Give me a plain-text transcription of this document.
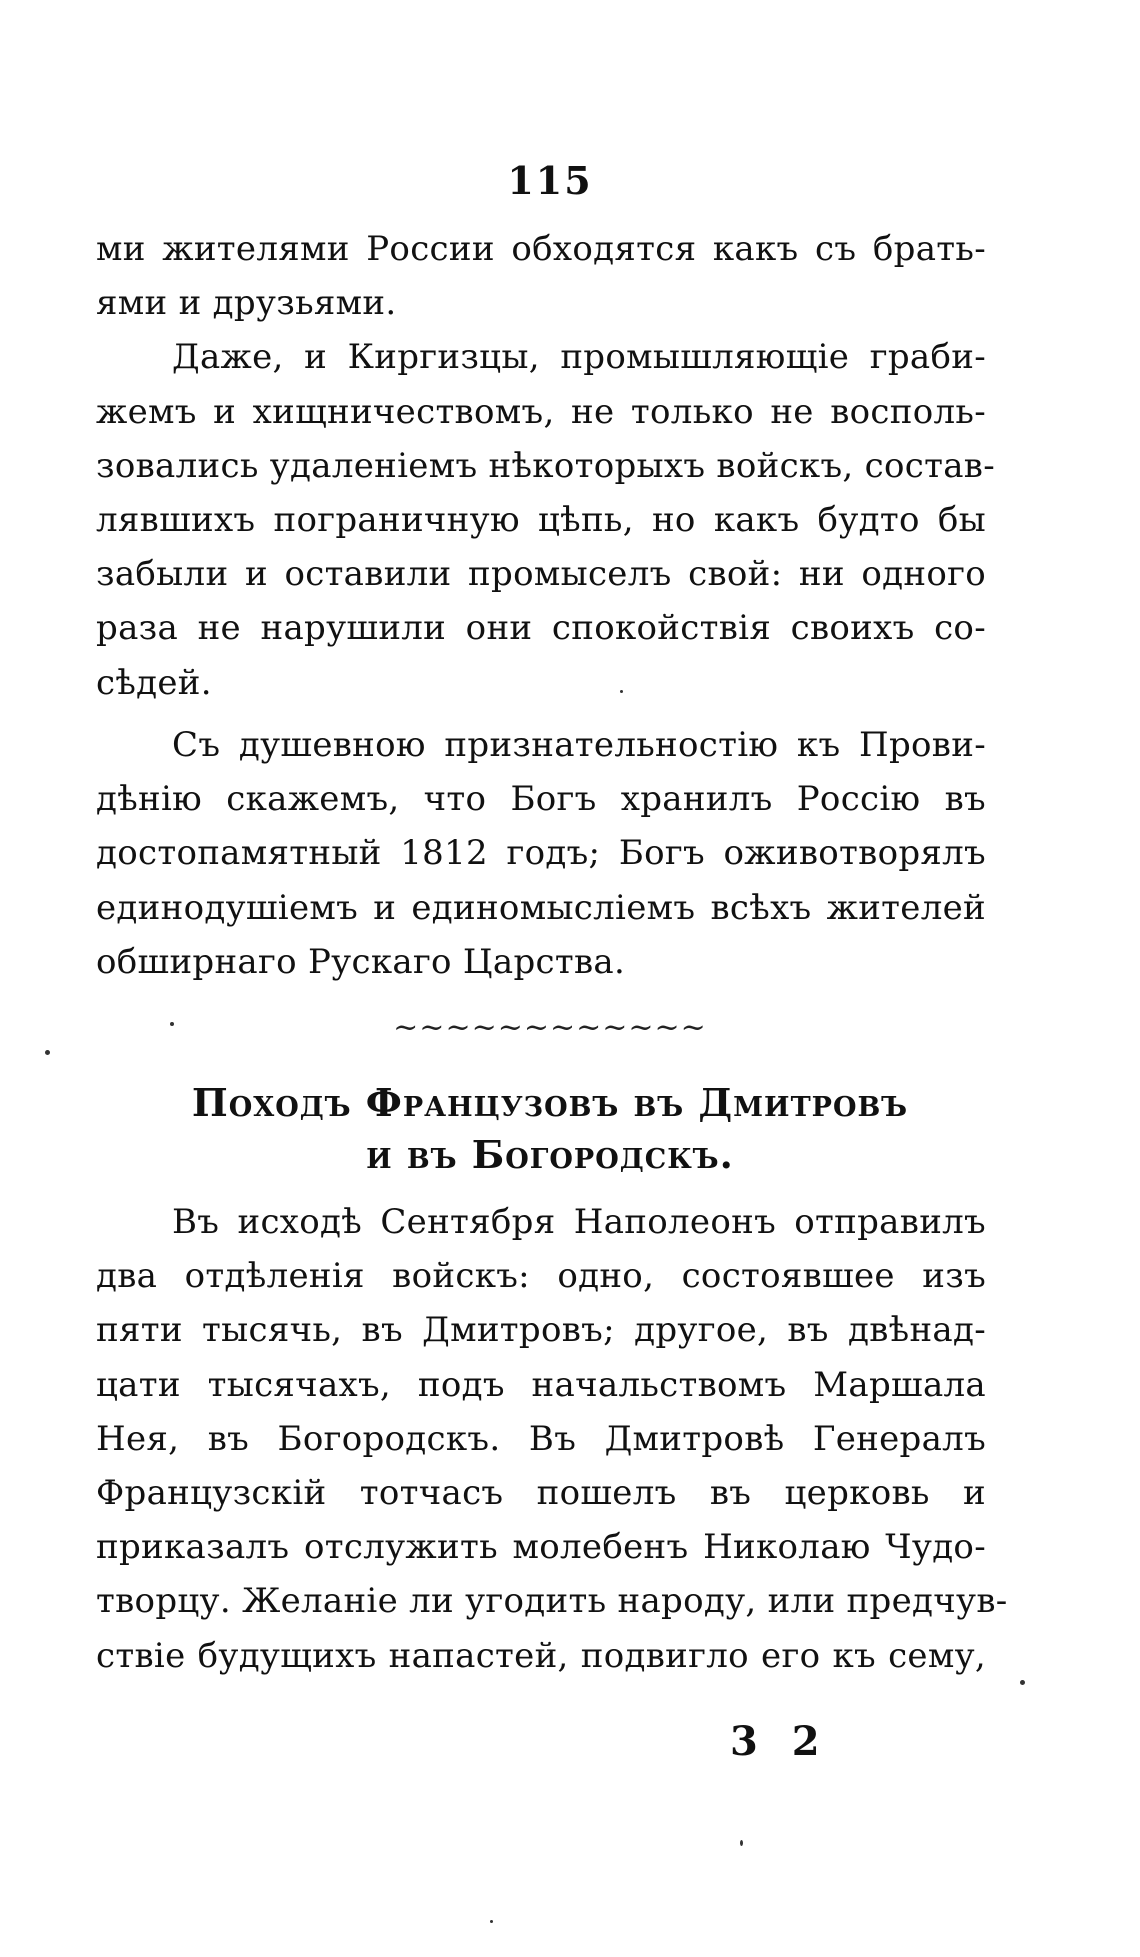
115
ми жителями России обходятся какъ съ брать-
ями и друзьями.
Даже, и Киргизцы, промышляющіе граби-
жемъ и хищничествомъ, не только не восполь-
зовались удаленіемъ нѣкоторыхъ войскъ, состав-
лявшихъ пограничную цѣпь, но какъ будто бы
забыли и оставили промыселъ свой: ни одного
раза не нарушили они спокойствія своихъ со-
сѣдей.
Съ душевною признательностію къ Прови-
дѣнію скажемъ, что Богъ хранилъ Россію въ
достопамятный 1812 годъ; Богъ оживотворялъ
единодушіемъ и единомысліемъ всѣхъ жителей
обширнаго Рускаго Царства.
~~~~~~~~~~~~
Походъ Французовъ въ Дмитровъ
и въ Богородскъ.
Въ исходѣ Сентября Наполеонъ отправилъ
два отдѣленія войскъ: одно, состоявшее изъ
пяти тысячь, въ Дмитровъ; другое, въ двѣнад-
цати тысячахъ, подъ начальствомъ Маршала
Нея, въ Богородскъ. Въ Дмитровѣ Генералъ
Французскій тотчасъ пошелъ въ церковь и
приказалъ отслужить молебенъ Николаю Чудо-
творцу. Желаніе ли угодить народу, или предчув-
ствіе будущихъ напастей, подвигло его къ сему,
3 2
